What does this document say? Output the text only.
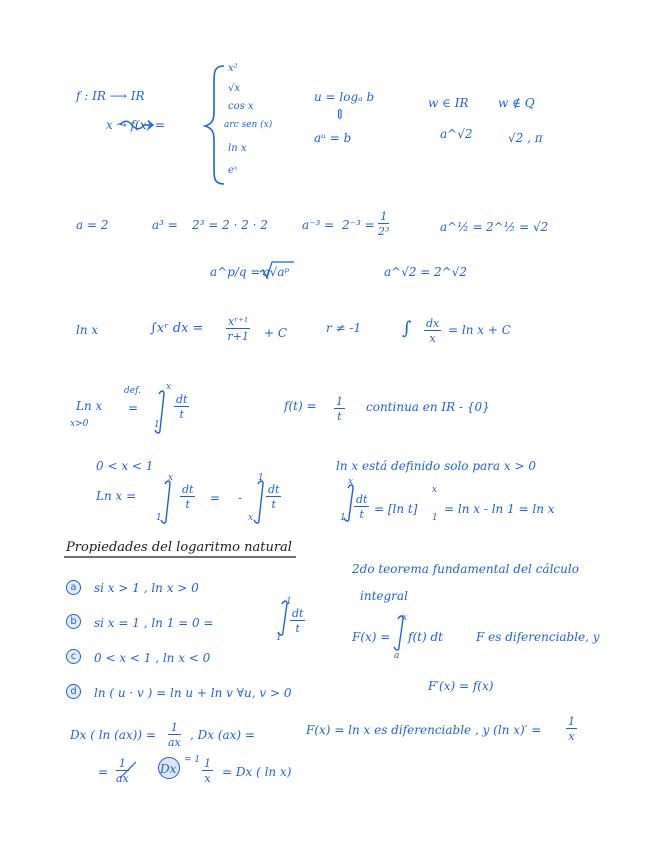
f : IR ⟶ IR
x ⤳ f(x) =
x²
√x
cos x
arc sen (x)
ln x
eˣ
u = logₐ b
⇕
aᵘ = b
w ∈ IR w ∉ Q
a^√2	√2 , π
a = 2	a³ = 2³ = 2 · 2 · 2	$a^{-3} = 2^{-3} = \frac{1}{\text{2³}}$	a^½ = 2^½ = √2
a^p/q = q√aᵖ	a^√2 = 2^√2
ln x	∫xʳ dx = $\frac{\text{xʳ⁺¹}}{r+1} + C$	r ≠ -1 ∫ $\frac{dx}{x} = \ln x + C$
Ln x
x>0
def.
=
x
1
$\frac{dt}{t}$	$f(t) = \frac{1}{t}$ continua en IR - {0}
0 < x < 1	ln x está definido solo para x > 0
Ln x =
x
1
$\frac{dt}{t}$ = -
1
x
$\frac{dt}{t}$
x
$1 \frac{dt}{t} = [\ln$ t]
x
1
= ln x - ln 1 = ln x
Propiedades del logaritmo natural
a	si x > 1 , ln x > 0
b	si x = 1 , ln 1 = 0 =
1
1
$\frac{dt}{t}$
c	0 < x < 1 , ln x < 0
d	ln ( u · v ) = ln u + ln v ∀u, v > 0
2do teorema fundamental del cálculo
integral
F(x) =
x
a
f(t) dt	F es diferenciable, y
F′(x) = f(x)
Dx ( $\ln (ax)) = \frac{1}{ax}$ , Dx (ax) =
= $\frac{1}{ax}$	Dx
= $1 \frac{1}{x} = Dx$ ( ln x)
F(x) = ln x es diferenciable , y (ln $x)' = \frac{1}{x}$
